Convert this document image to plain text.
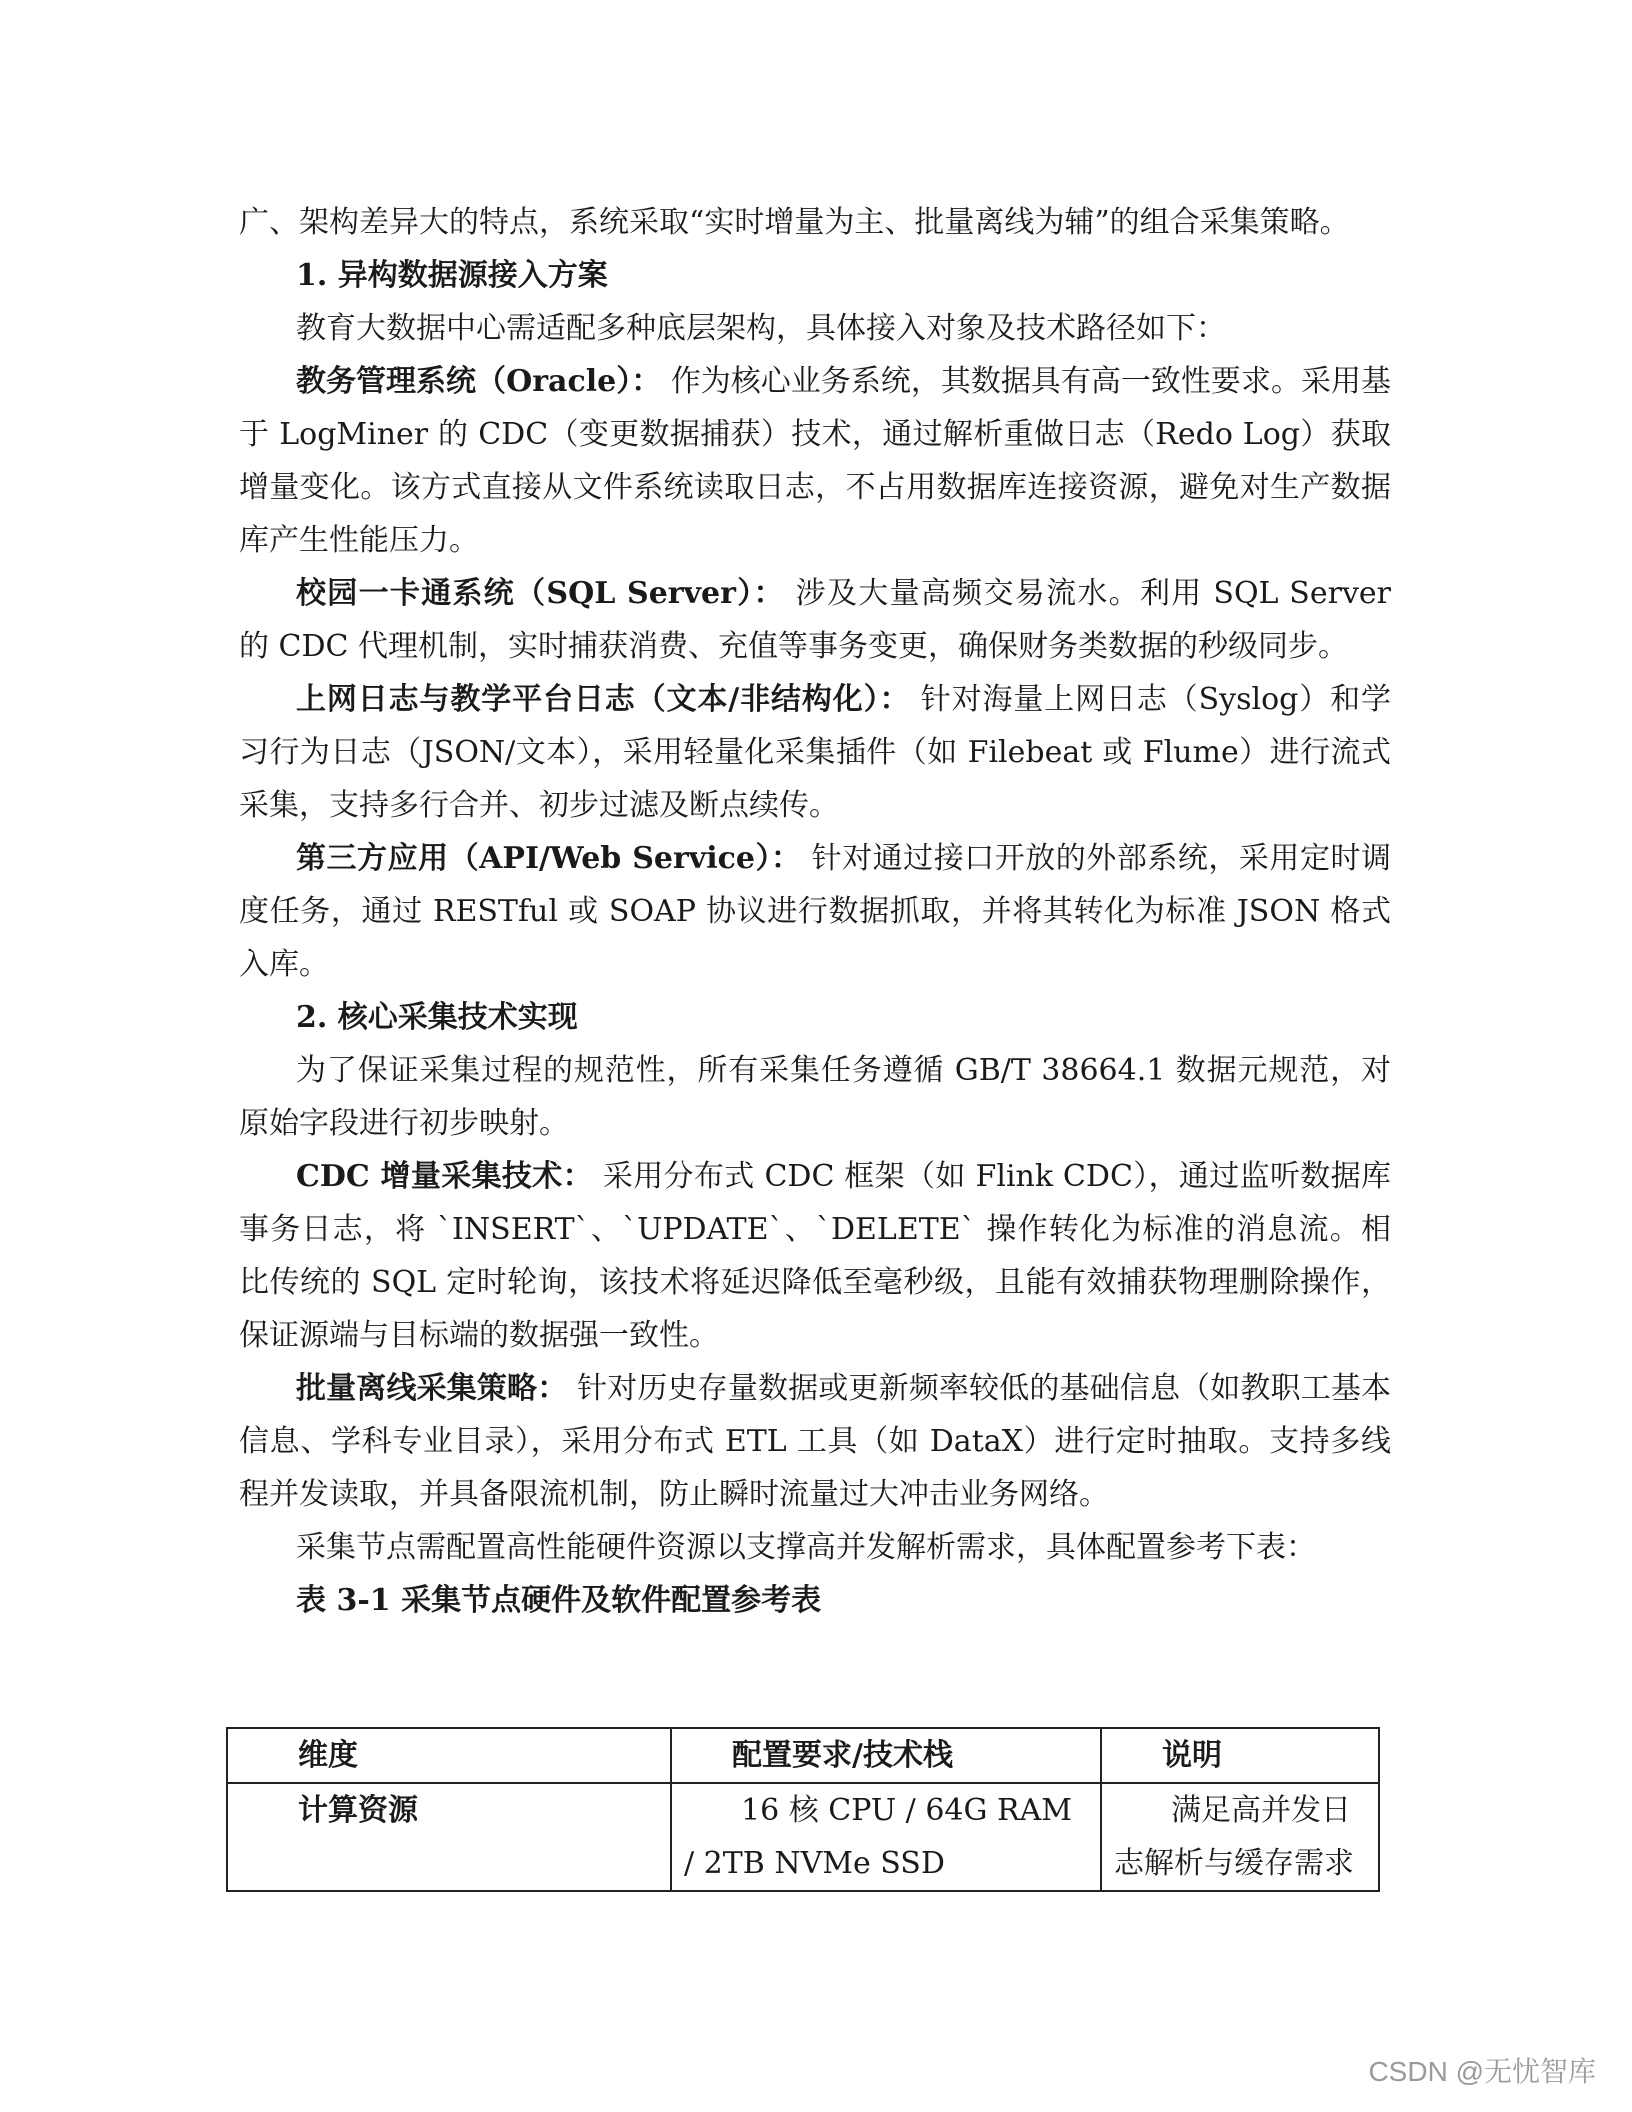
广、架构差异大的特点，系统采取“实时增量为主、批量离线为辅”的组合采集策略。

1. 异构数据源接入方案

教育大数据中心需适配多种底层架构，具体接入对象及技术路径如下：

教务管理系统（Oracle）： 作为核心业务系统，其数据具有高一致性要求。采用基于 LogMiner 的 CDC（变更数据捕获）技术，通过解析重做日志（Redo Log）获取增量变化。该方式直接从文件系统读取日志，不占用数据库连接资源，避免对生产数据库产生性能压力。

校园一卡通系统（SQL Server）： 涉及大量高频交易流水。利用 SQL Server 的 CDC 代理机制，实时捕获消费、充值等事务变更，确保财务类数据的秒级同步。

上网日志与教学平台日志（文本/非结构化）： 针对海量上网日志（Syslog）和学习行为日志（JSON/文本），采用轻量化采集插件（如 Filebeat 或 Flume）进行流式采集，支持多行合并、初步过滤及断点续传。

第三方应用（API/Web Service）： 针对通过接口开放的外部系统，采用定时调度任务，通过 RESTful 或 SOAP 协议进行数据抓取，并将其转化为标准 JSON 格式入库。

2. 核心采集技术实现

为了保证采集过程的规范性，所有采集任务遵循 GB/T 38664.1 数据元规范，对原始字段进行初步映射。

CDC 增量采集技术： 采用分布式 CDC 框架（如 Flink CDC），通过监听数据库事务日志，将 `INSERT`、`UPDATE`、`DELETE` 操作转化为标准的消息流。相比传统的 SQL 定时轮询，该技术将延迟降低至毫秒级，且能有效捕获物理删除操作，保证源端与目标端的数据强一致性。

批量离线采集策略： 针对历史存量数据或更新频率较低的基础信息（如教职工基本信息、学科专业目录），采用分布式 ETL 工具（如 DataX）进行定时抽取。支持多线程并发读取，并具备限流机制，防止瞬时流量过大冲击业务网络。

采集节点需配置高性能硬件资源以支撑高并发解析需求，具体配置参考下表：

表 3-1 采集节点硬件及软件配置参考表

维度	配置要求/技术栈	说明
计算资源	16 核 CPU / 64G RAM / 2TB NVMe SSD	满足高并发日志解析与缓存需求
CSDN @无忧智库
